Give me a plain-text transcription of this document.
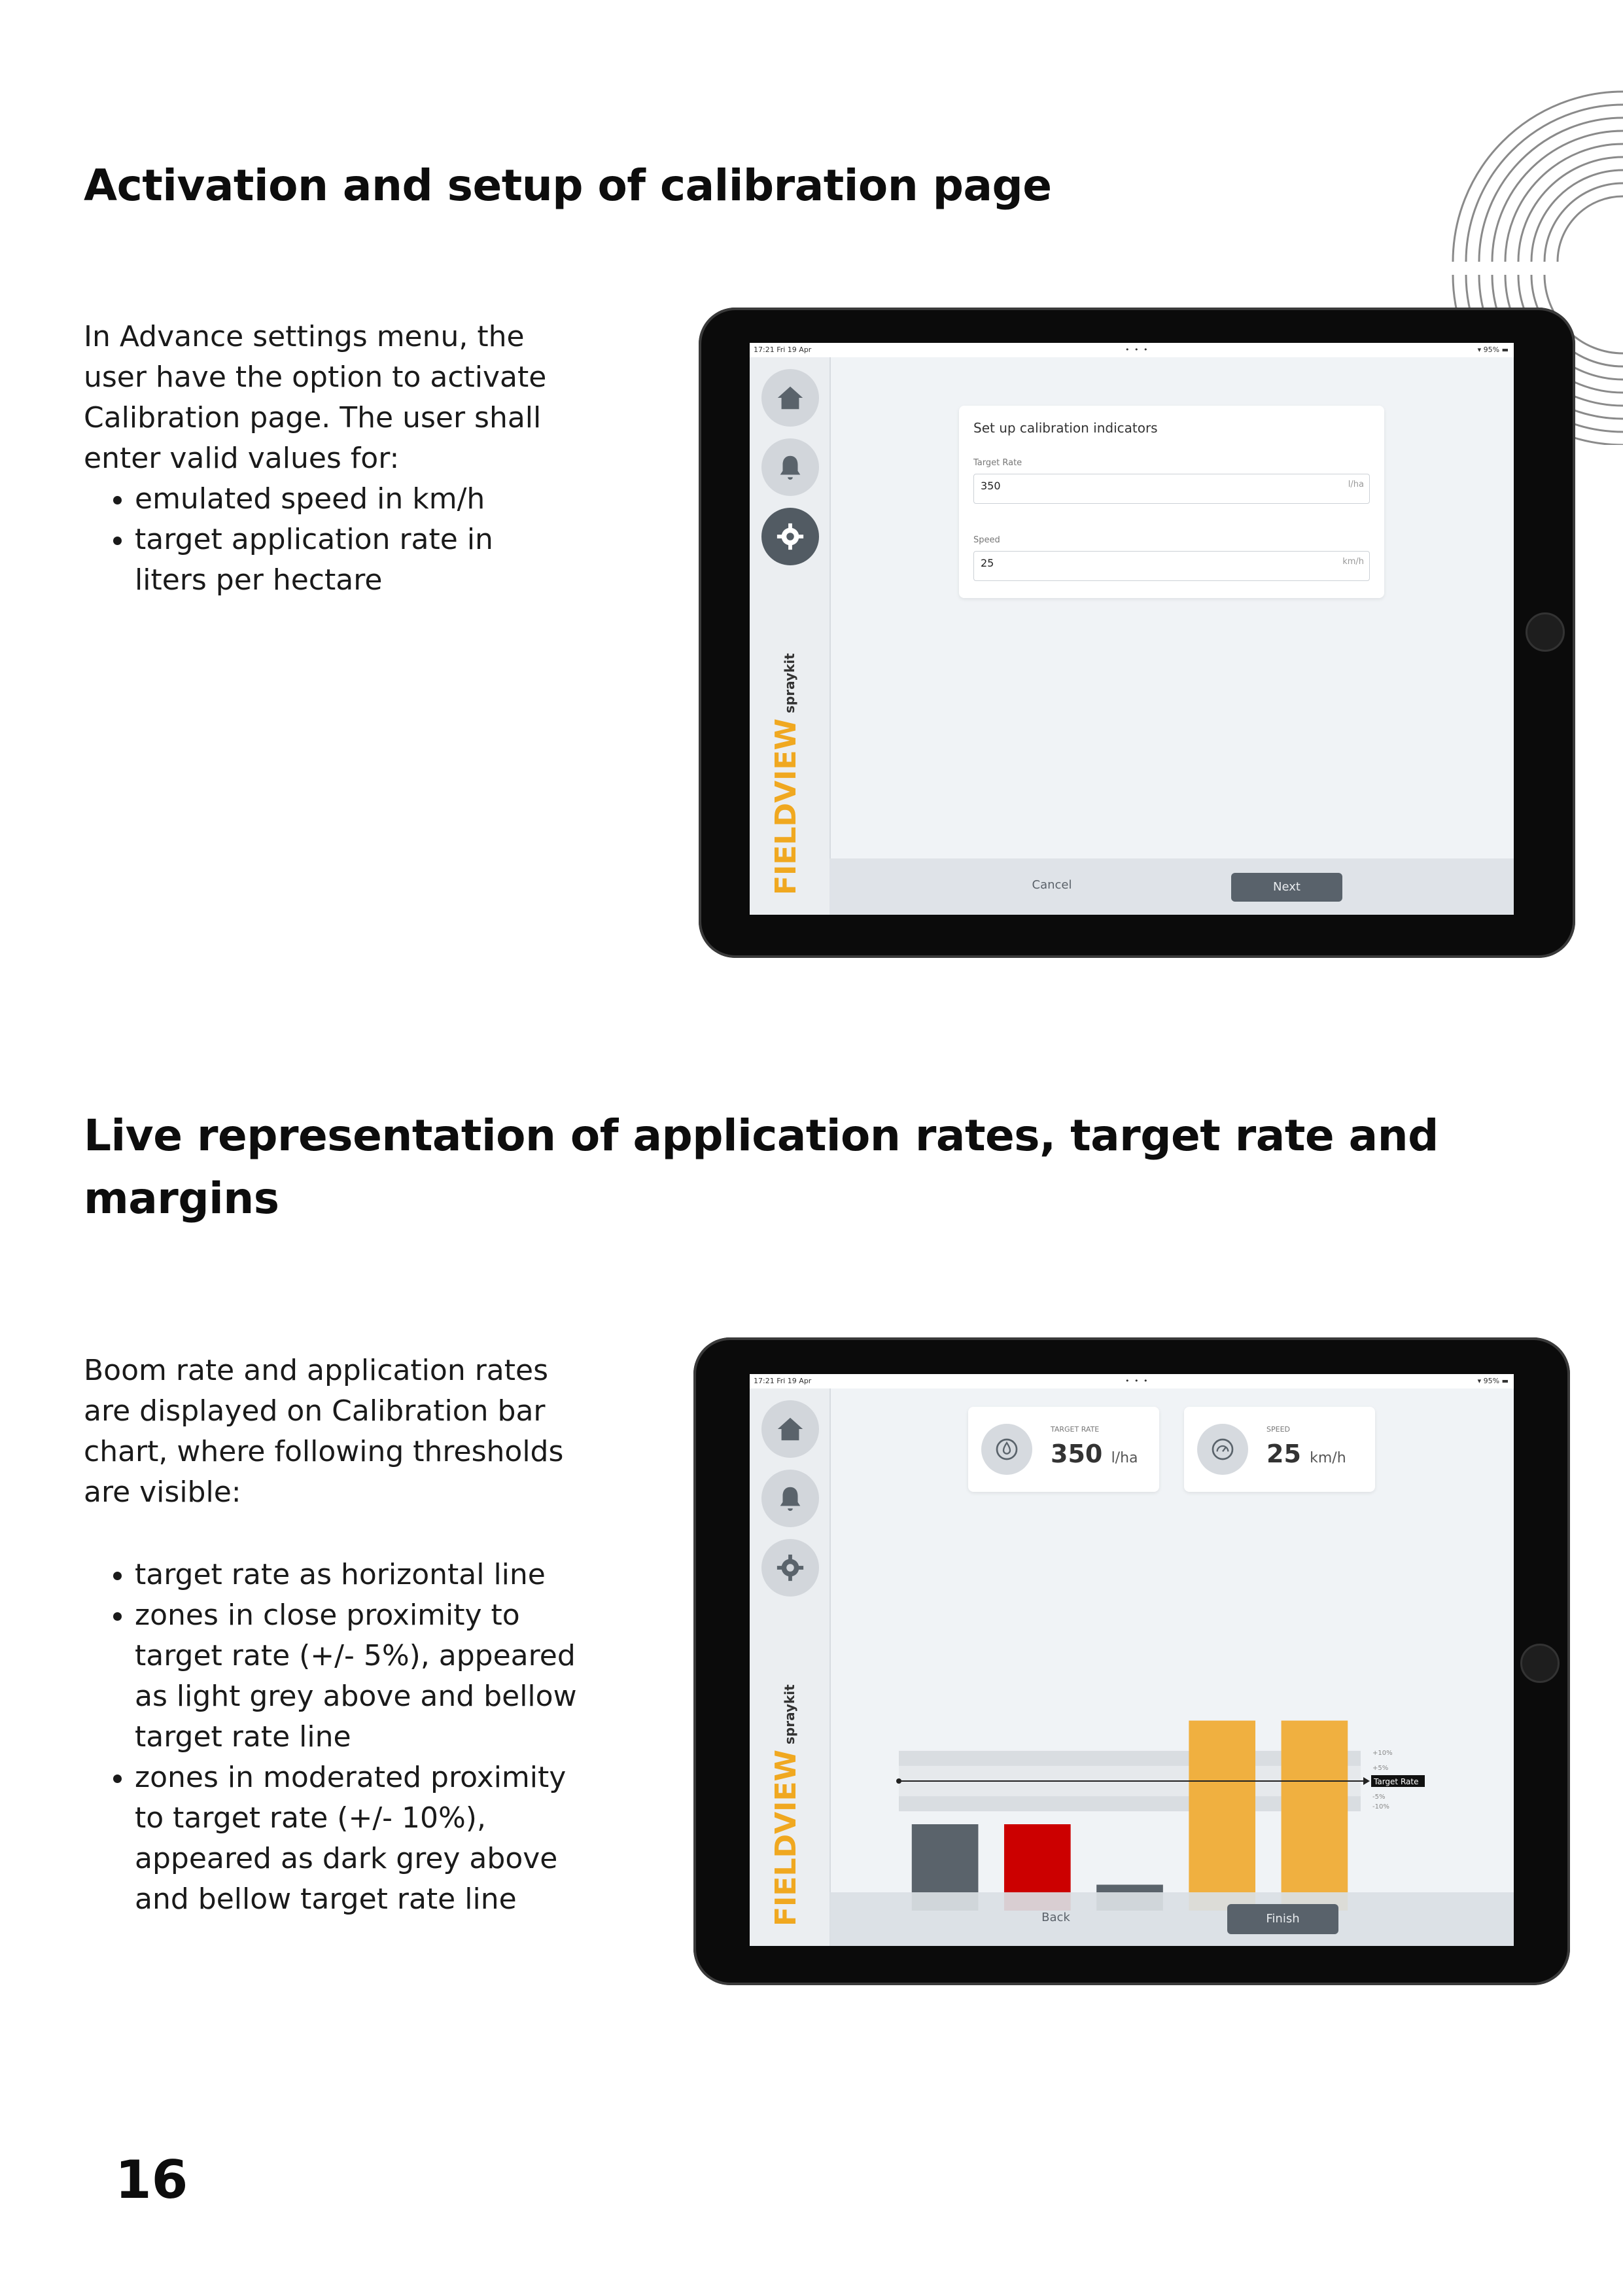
Activation and setup of calibration page

In Advance settings menu, the
user have the option to activate
Calibration page. The user shall
enter valid values for:

• emulated speed in km/h
• target application rate in
liters per hectare
17:21 Fri 19 Apr	• • •	▾ 95% ▬
FIELDVIEW
spraykit
Set up calibration indicators
Target Rate
350	l/ha
Speed
25	km/h
Cancel	Next
Live representation of application rates, target rate and
margins

Boom rate and application rates
are displayed on Calibration bar
chart, where following thresholds
are visible:

• target rate as horizontal line
• zones in close proximity to
target rate (+/- 5%), appeared
as light grey above and bellow
target rate line
• zones in moderated proximity
to target rate (+/- 10%),
appeared as dark grey above
and bellow target rate line
17:21 Fri 19 Apr	• • •	▾ 95% ▬
FIELDVIEW
spraykit
TARGET RATE
350 l/ha
SPEED
25 km/h
+10%
+5%
Target Rate
-5%
-10%
Back	Finish
16
